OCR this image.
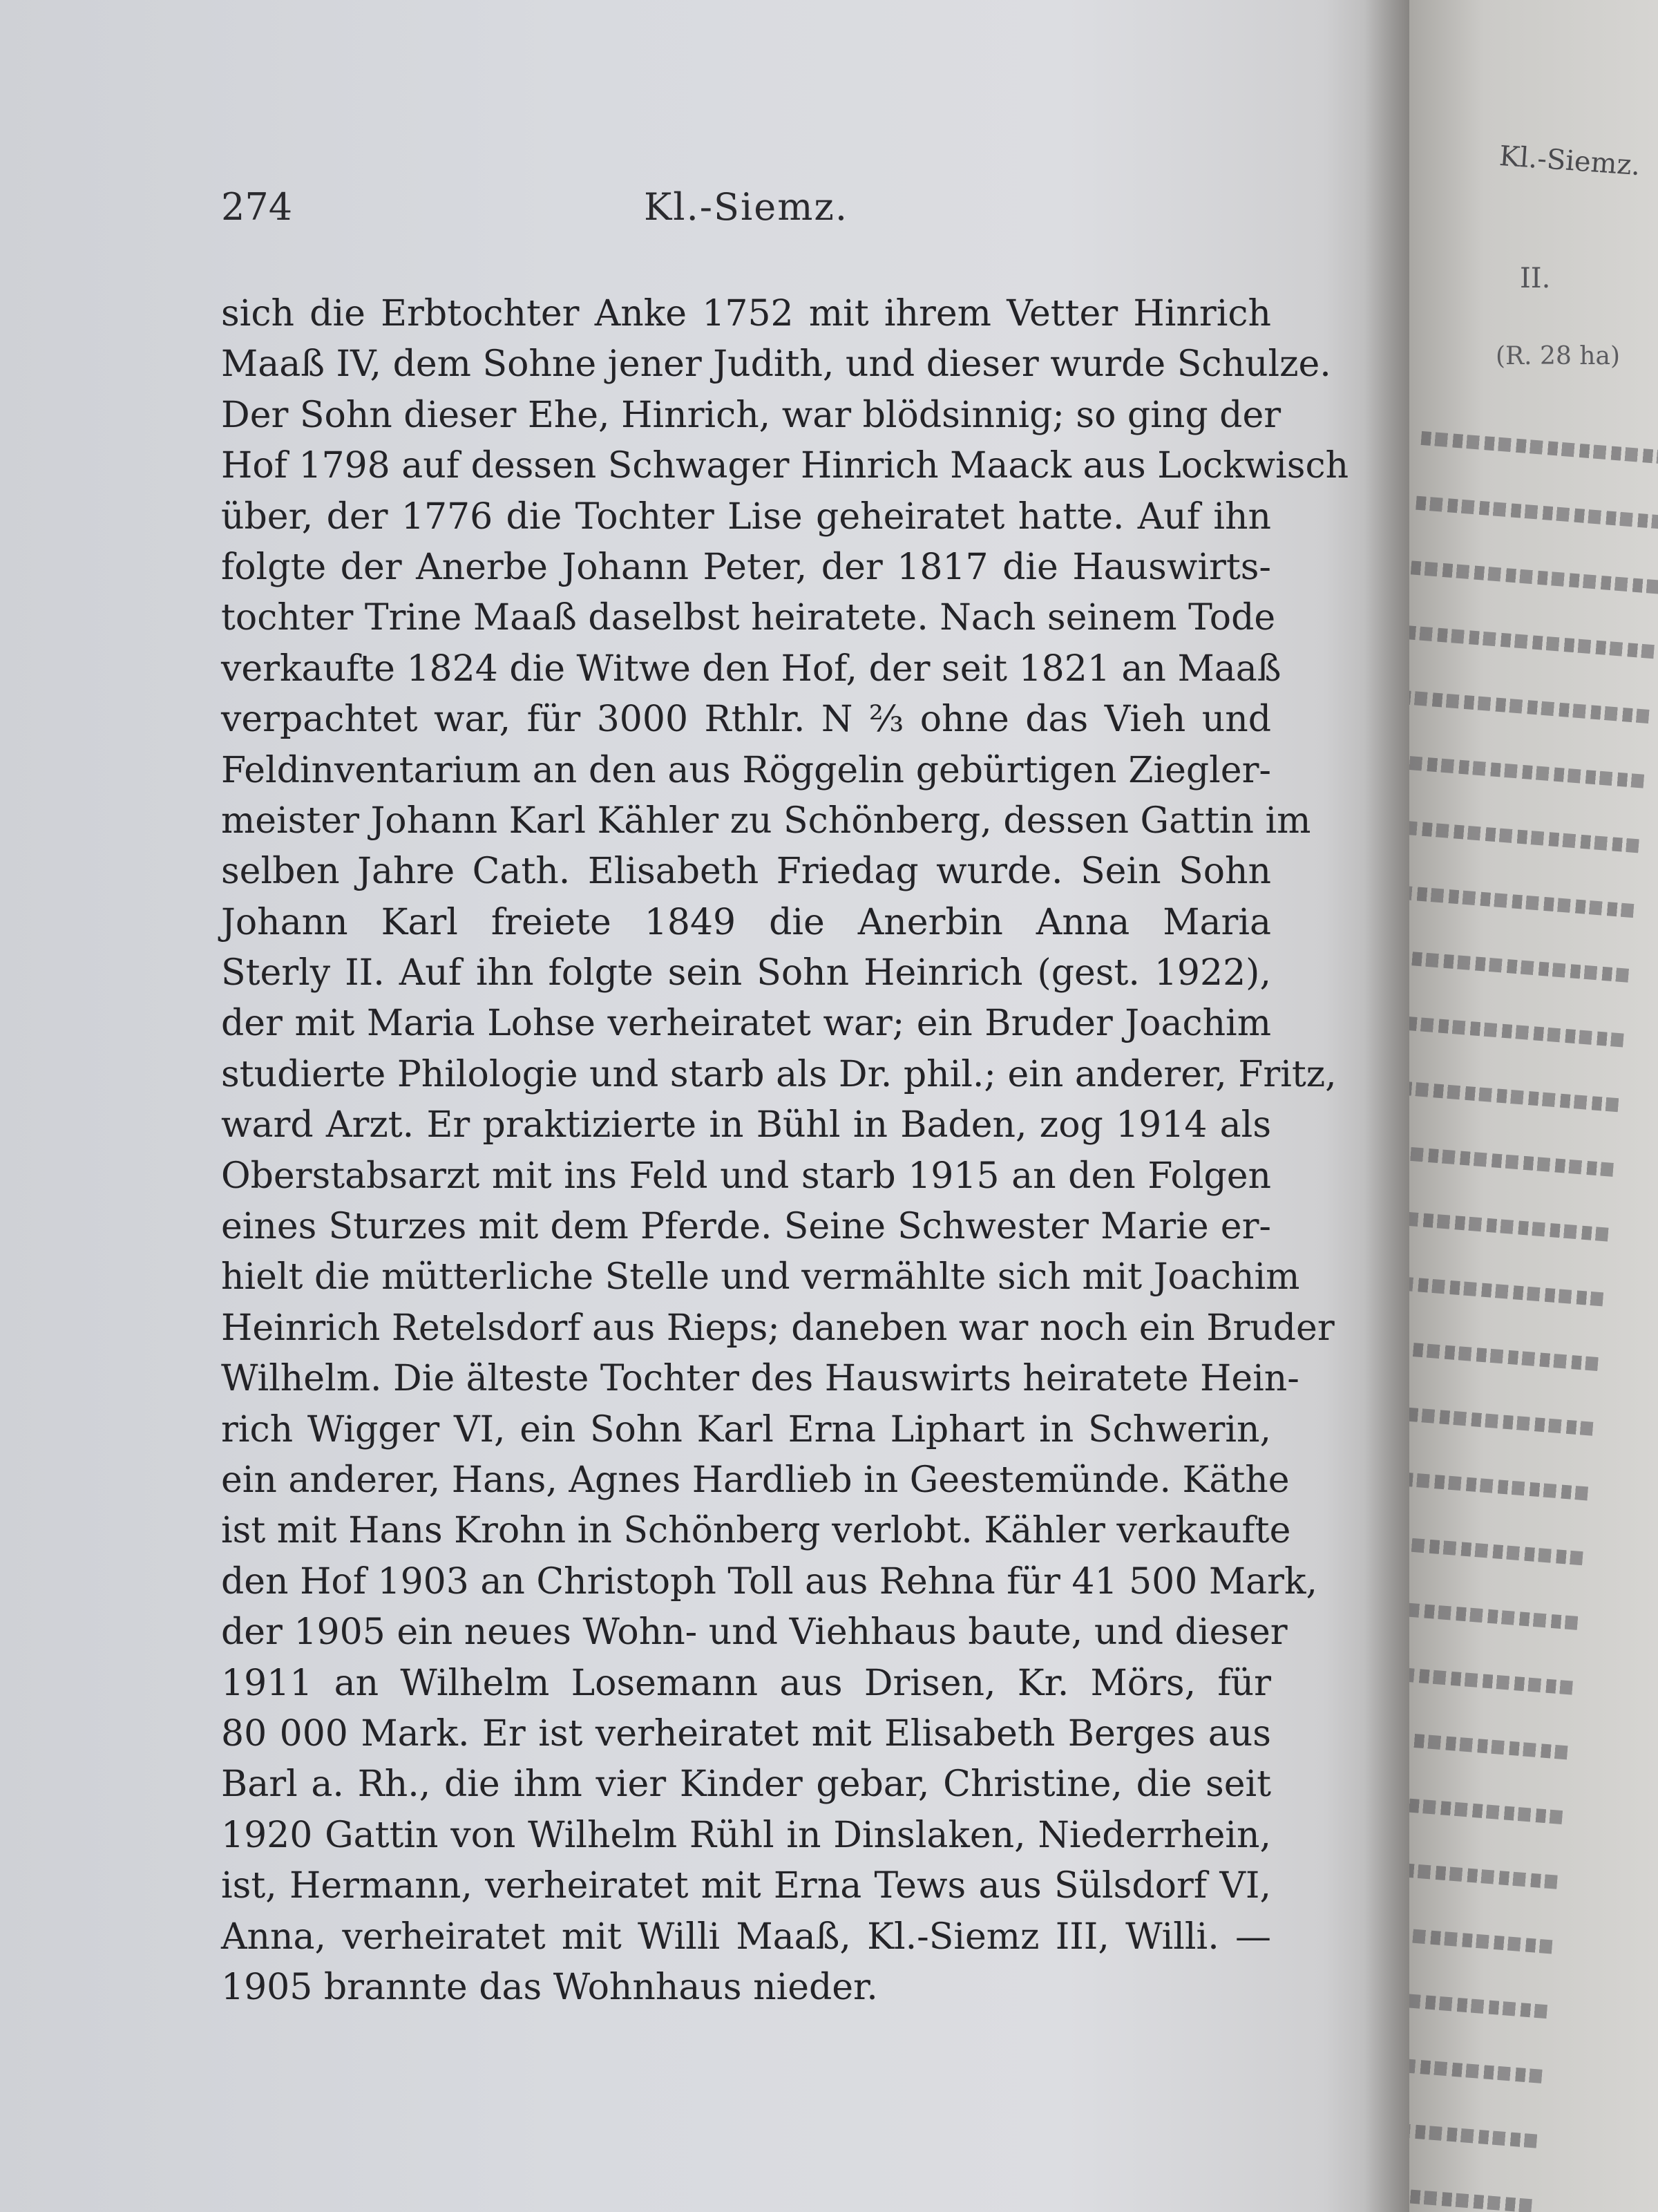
274	Kl.-Siemz.
sich die Erbtochter Anke 1752 mit ihrem Vetter Hinrich
Maaß IV, dem Sohne jener Judith, und dieser wurde Schulze.
Der Sohn dieser Ehe, Hinrich, war blödsinnig; so ging der
Hof 1798 auf dessen Schwager Hinrich Maack aus Lockwisch
über, der 1776 die Tochter Lise geheiratet hatte. Auf ihn
folgte der Anerbe Johann Peter, der 1817 die Hauswirts-
tochter Trine Maaß daselbst heiratete. Nach seinem Tode
verkaufte 1824 die Witwe den Hof, der seit 1821 an Maaß
verpachtet war, für 3000 Rthlr. N ⅔ ohne das Vieh und
Feldinventarium an den aus Röggelin gebürtigen Ziegler-
meister Johann Karl Kähler zu Schönberg, dessen Gattin im
selben Jahre Cath. Elisabeth Friedag wurde. Sein Sohn
Johann Karl freiete 1849 die Anerbin Anna Maria
Sterly II. Auf ihn folgte sein Sohn Heinrich (gest. 1922),
der mit Maria Lohse verheiratet war; ein Bruder Joachim
studierte Philologie und starb als Dr. phil.; ein anderer, Fritz,
ward Arzt. Er praktizierte in Bühl in Baden, zog 1914 als
Oberstabsarzt mit ins Feld und starb 1915 an den Folgen
eines Sturzes mit dem Pferde. Seine Schwester Marie er-
hielt die mütterliche Stelle und vermählte sich mit Joachim
Heinrich Retelsdorf aus Rieps; daneben war noch ein Bruder
Wilhelm. Die älteste Tochter des Hauswirts heiratete Hein-
rich Wigger VI, ein Sohn Karl Erna Liphart in Schwerin,
ein anderer, Hans, Agnes Hardlieb in Geestemünde. Käthe
ist mit Hans Krohn in Schönberg verlobt. Kähler verkaufte
den Hof 1903 an Christoph Toll aus Rehna für 41 500 Mark,
der 1905 ein neues Wohn- und Viehhaus baute, und dieser
1911 an Wilhelm Losemann aus Drisen, Kr. Mörs, für
80 000 Mark. Er ist verheiratet mit Elisabeth Berges aus
Barl a. Rh., die ihm vier Kinder gebar, Christine, die seit
1920 Gattin von Wilhelm Rühl in Dinslaken, Niederrhein,
ist, Hermann, verheiratet mit Erna Tews aus Sülsdorf VI,
Anna, verheiratet mit Willi Maaß, Kl.-Siemz III, Willi. —
1905 brannte das Wohnhaus nieder.
Kl.-Siemz.
II.
(R. 28 ha)
